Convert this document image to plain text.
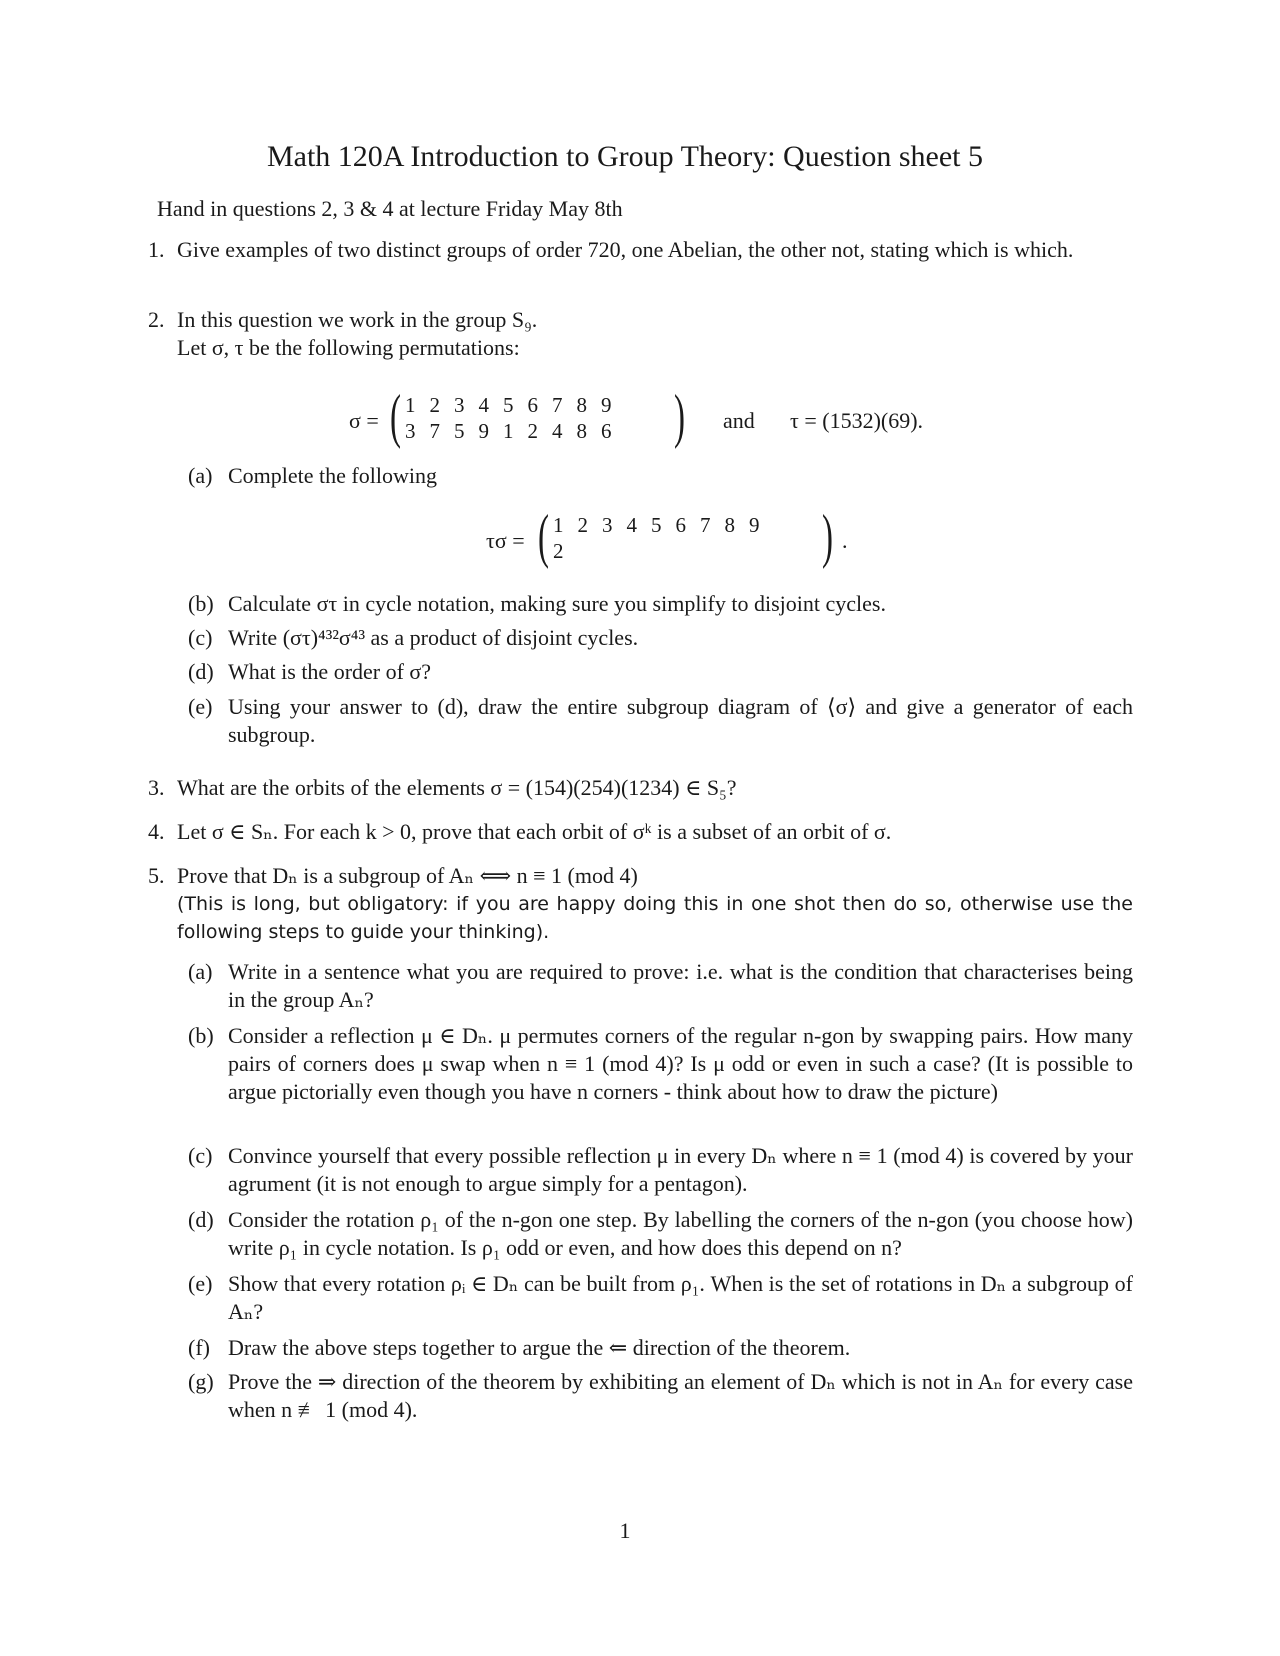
Math 120A Introduction to Group Theory: Question sheet 5
Hand in questions 2, 3 & 4 at lecture Friday May 8th
1. Give examples of two distinct groups of order 720, one Abelian, the other not, stating which is which.
2. In this question we work in the group S₉.
Let σ, τ be the following permutations:
σ = ( 1	2	3	4	5	6	7	8	9
3	7	5	9	1	2	4	8	6 ) and τ = (1532)(69).
(a) Complete the following
τσ = ( 1	2	3	4	5	6	7	8	9
2									) .
(b) Calculate στ in cycle notation, making sure you simplify to disjoint cycles.
(c) Write (στ)⁴³²σ⁴³ as a product of disjoint cycles.
(d) What is the order of σ?
(e) Using your answer to (d), draw the entire subgroup diagram of ⟨σ⟩ and give a generator of each subgroup.
3. What are the orbits of the elements σ = (154)(254)(1234) ∈ S₅?
4. Let σ ∈ Sₙ. For each k > 0, prove that each orbit of σᵏ is a subset of an orbit of σ.
5. Prove that Dₙ is a subgroup of Aₙ ⟺ n ≡ 1 (mod 4)
(This is long, but obligatory: if you are happy doing this in one shot then do so, otherwise use the following steps to guide your thinking).
(a) Write in a sentence what you are required to prove: i.e. what is the condition that characterises being in the group Aₙ?
(b) Consider a reflection μ ∈ Dₙ. μ permutes corners of the regular n-gon by swapping pairs. How many pairs of corners does μ swap when n ≡ 1 (mod 4)? Is μ odd or even in such a case? (It is possible to argue pictorially even though you have n corners - think about how to draw the picture)
(c) Convince yourself that every possible reflection μ in every Dₙ where n ≡ 1 (mod 4) is covered by your agrument (it is not enough to argue simply for a pentagon).
(d) Consider the rotation ρ₁ of the n-gon one step. By labelling the corners of the n-gon (you choose how) write ρ₁ in cycle notation. Is ρ₁ odd or even, and how does this depend on n?
(e) Show that every rotation ρᵢ ∈ Dₙ can be built from ρ₁. When is the set of rotations in Dₙ a subgroup of Aₙ?
(f) Draw the above steps together to argue the ⇐ direction of the theorem.
(g) Prove the ⇒ direction of the theorem by exhibiting an element of Dₙ which is not in Aₙ for every case when n ≢ 1 (mod 4).
1
